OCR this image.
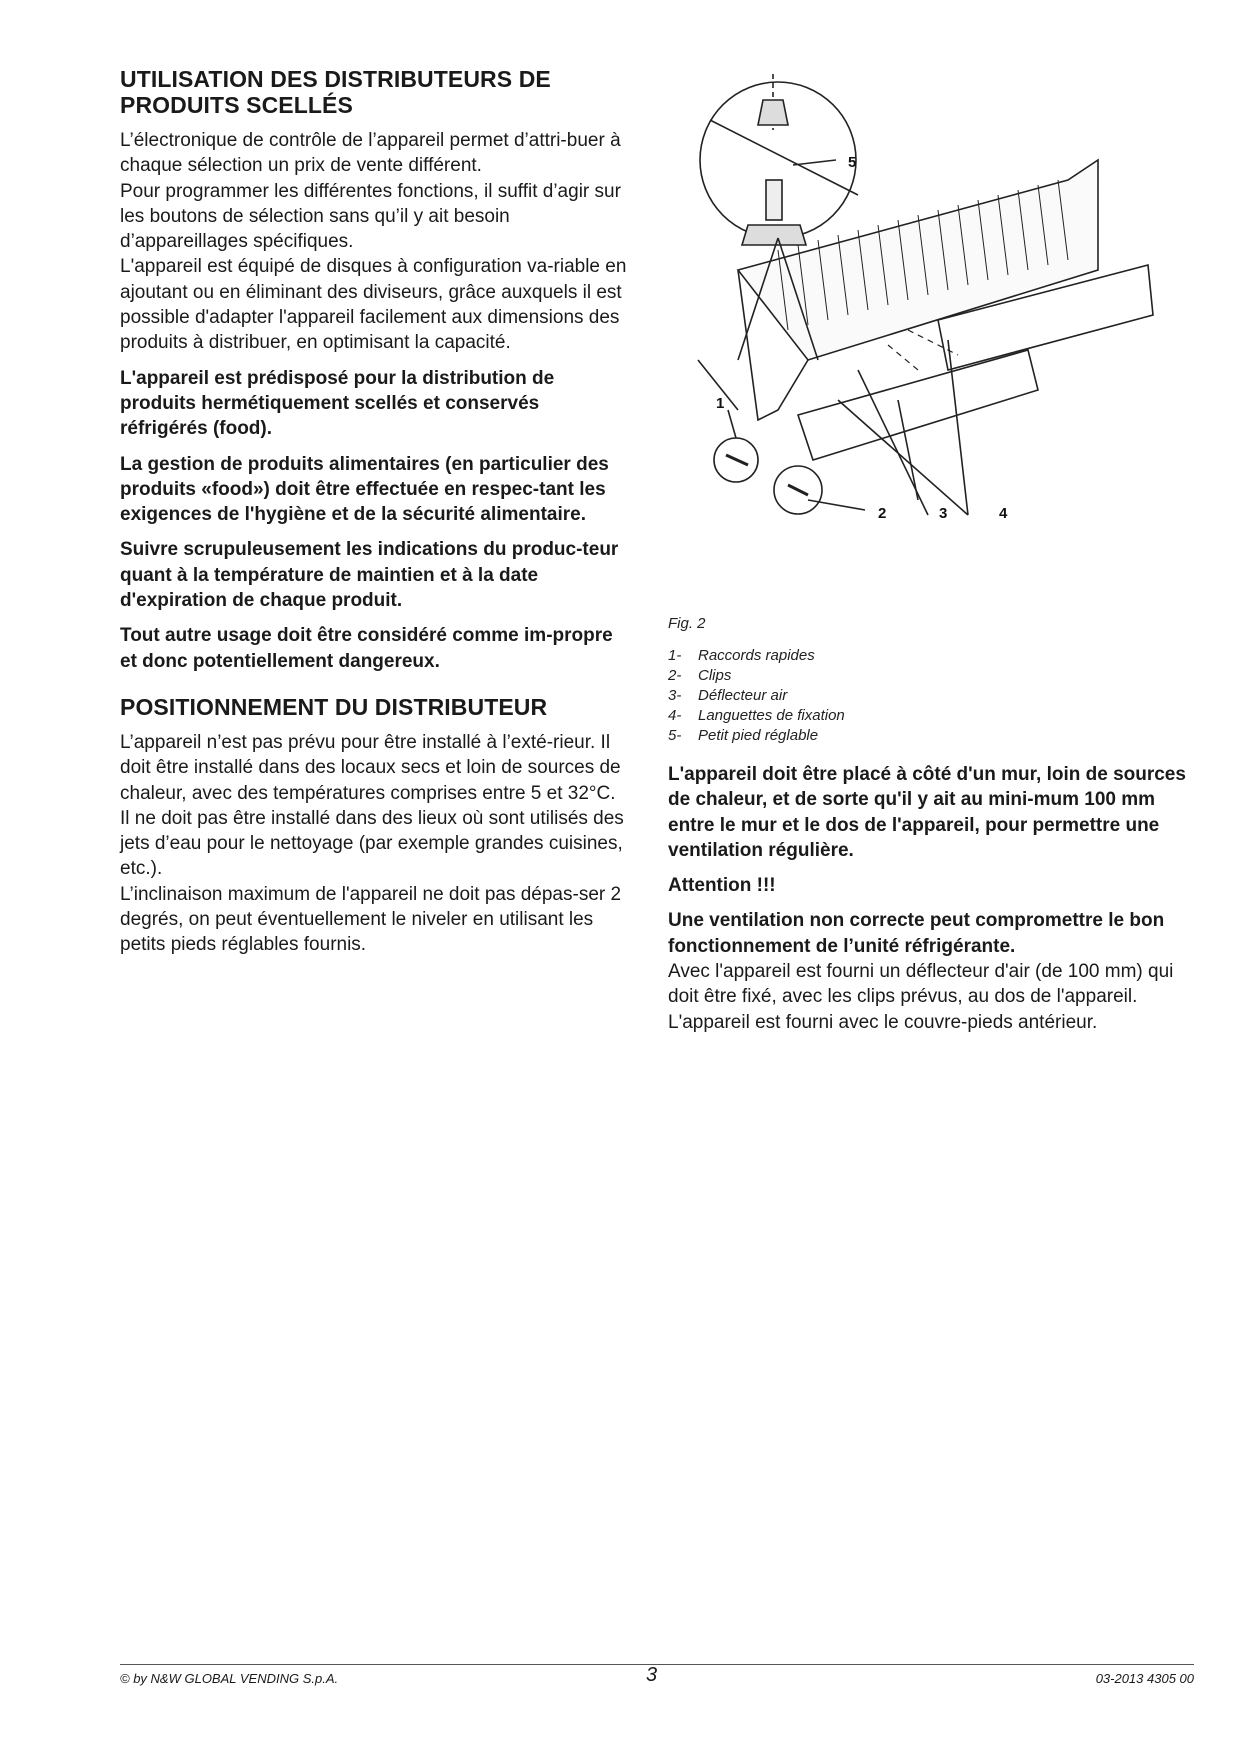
UTILISATION DES DISTRIBUTEURS DE PRODUITS SCELLÉS

L’électronique de contrôle de l’appareil permet d’attri-buer à chaque sélection un prix de vente différent.

Pour programmer les différentes fonctions, il suffit d’agir sur les boutons de sélection sans qu’il y ait besoin d’appareillages spécifiques.

L'appareil est équipé de disques à configuration va-riable en ajoutant ou en éliminant des diviseurs, grâce auxquels il est possible d'adapter l'appareil facilement aux dimensions des produits à distribuer, en optimisant la capacité.

L'appareil est prédisposé pour la distribution de produits hermétiquement scellés et conservés réfrigérés (food).

La gestion de produits alimentaires (en particulier des produits «food») doit être effectuée en respec-tant les exigences de l'hygiène et de la sécurité alimentaire.

Suivre scrupuleusement les indications du produc-teur quant à la température de maintien et à la date d'expiration de chaque produit.

Tout autre usage doit être considéré comme im-propre et donc potentiellement dangereux.

POSITIONNEMENT DU DISTRIBUTEUR

L’appareil n’est pas prévu pour être installé à l’exté-rieur. Il doit être installé dans des locaux secs et loin de sources de chaleur, avec des températures comprises entre 5 et 32°C.

Il ne doit pas être installé dans des lieux où sont utilisés des jets d’eau pour le nettoyage (par exemple grandes cuisines, etc.).

L’inclinaison maximum de l'appareil ne doit pas dépas-ser 2 degrés, on peut éventuellement le niveler en utilisant les petits pieds réglables fournis.

5
1
2	3	4
Fig. 2
1-	Raccords rapides
2-	Clips
3-	Déflecteur air
4-	Languettes de fixation
5-	Petit pied réglable

L'appareil doit être placé à côté d'un mur, loin de sources de chaleur, et de sorte qu'il y ait au mini-mum 100 mm entre le mur et le dos de l'appareil, pour permettre une ventilation régulière.

Attention !!!

Une ventilation non correcte peut compromettre le bon fonctionnement de l’unité réfrigérante.

Avec l'appareil est fourni un déflecteur d'air (de 100 mm) qui doit être fixé, avec les clips prévus, au dos de l'appareil.

L'appareil est fourni avec le couvre-pieds antérieur.

© by N&W GLOBAL VENDING S.p.A.	3	03-2013 4305 00
